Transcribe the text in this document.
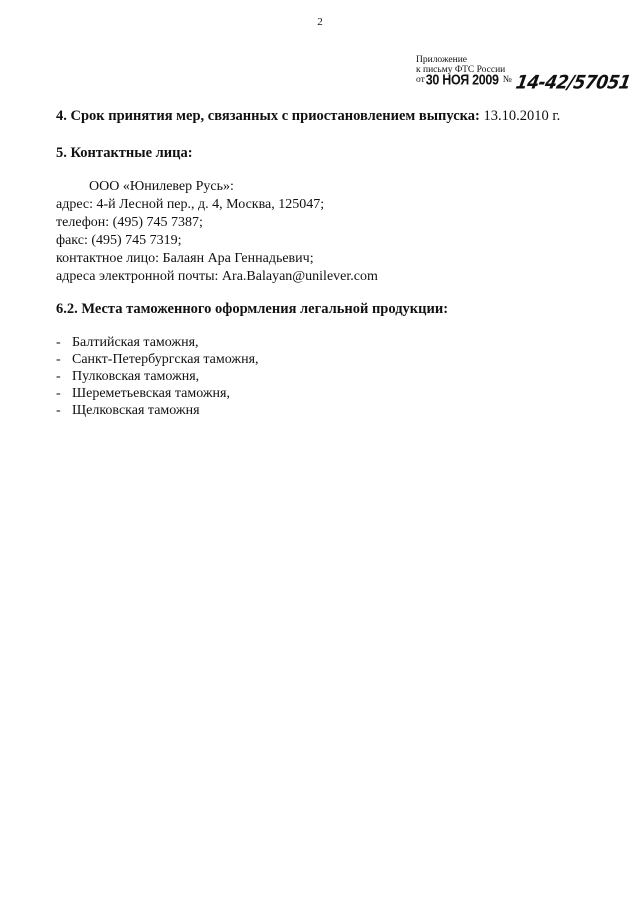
2
Приложение
к письму ФТС России
от 30 НОЯ 2009 № 14-42/57051
4. Срок принятия мер, связанных с приостановлением выпуска: 13.10.2010 г.
5. Контактные лица:
ООО «Юнилевер Русь»:
адрес: 4-й Лесной пер., д. 4, Москва, 125047;
телефон: (495) 745 7387;
факс: (495) 745 7319;
контактное лицо: Балаян Ара Геннадьевич;
адреса электронной почты: Ara.Balayan@unilever.com
6.2. Места таможенного оформления легальной продукции:
- Балтийская таможня,
- Санкт-Петербургская таможня,
- Пулковская таможня,
- Шереметьевская таможня,
- Щелковская таможня
